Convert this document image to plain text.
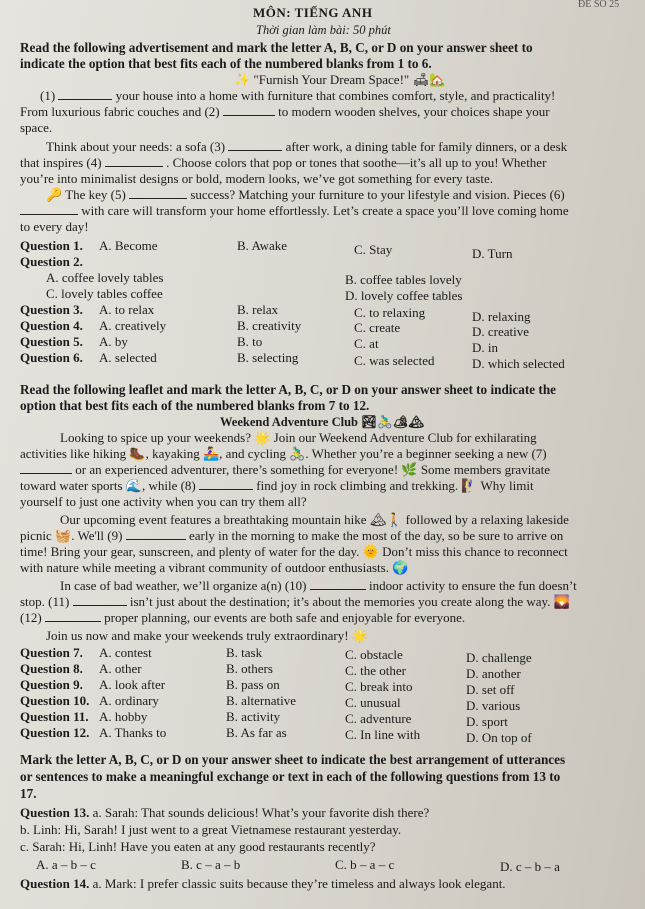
ĐỀ SỐ 25
MÔN: TIẾNG ANH
Thời gian làm bài: 50 phút
Read the following advertisement and mark the letter A, B, C, or D on your answer sheet to
indicate the option that best fits each of the numbered blanks from 1 to 6.
✨ "Furnish Your Dream Space!" 🛋🏡
(1)	your house into a home with furniture that combines comfort, style, and practicality!
From luxurious fabric couches and (2)	to modern wooden shelves, your choices shape your
space.
Think about your needs: a sofa (3)	after work, a dining table for family dinners, or a desk
that inspires (4)	. Choose colors that pop or tones that soothe—it’s all up to you! Whether
you’re into minimalist designs or bold, modern looks, we’ve got something for every taste.
🔑 The key (5)	success? Matching your furniture to your lifestyle and vision. Pieces (6)
with care will transform your home effortlessly. Let’s create a space you’ll love coming home
to every day!
Question 1. A. Become	B. Awake	C. Stay	D. Turn
Question 2.
A. coffee lovely tables	B. coffee tables lovely
C. lovely tables coffee	D. lovely coffee tables
Question 3. A. to relax	B. relax	C. to relaxing	D. relaxing
Question 4. A. creatively	B. creativity	C. create	D. creative
Question 5. A. by	B. to	C. at	D. in
Question 6. A. selected	B. selecting	C. was selected	D. which selected
Read the following leaflet and mark the letter A, B, C, or D on your answer sheet to indicate the
option that best fits each of the numbered blanks from 7 to 12.
Weekend Adventure Club 🏞🚴‍♂️🏕🏔
Looking to spice up your weekends? 🌟 Join our Weekend Adventure Club for exhilarating
activities like hiking 🥾, kayaking 🚣‍♀️, and cycling 🚴‍♂️. Whether you’re a beginner seeking a new (7)
or an experienced adventurer, there’s something for everyone! 🌿 Some members gravitate
toward water sports 🌊, while (8)	find joy in rock climbing and trekking. 🧗‍♀️ Why limit
yourself to just one activity when you can try them all?
Our upcoming event features a breathtaking mountain hike 🏔🚶 followed by a relaxing lakeside
picnic 🧺. We'll (9)	early in the morning to make the most of the day, so be sure to arrive on
time! Bring your gear, sunscreen, and plenty of water for the day. 🌞 Don’t miss this chance to reconnect
with nature while meeting a vibrant community of outdoor enthusiasts. 🌍
In case of bad weather, we’ll organize a(n) (10)	indoor activity to ensure the fun doesn’t
stop. (11)	isn’t just about the destination; it’s about the memories you create along the way. 🌄
(12)	proper planning, our events are both safe and enjoyable for everyone.
Join us now and make your weekends truly extraordinary! 🌟
Question 7. A. contest	B. task	C. obstacle	D. challenge
Question 8. A. other	B. others	C. the other	D. another
Question 9. A. look after	B. pass on	C. break into	D. set off
Question 10. A. ordinary	B. alternative	C. unusual	D. various
Question 11. A. hobby	B. activity	C. adventure	D. sport
Question 12. A. Thanks to	B. As far as	C. In line with	D. On top of
Mark the letter A, B, C, or D on your answer sheet to indicate the best arrangement of utterances
or sentences to make a meaningful exchange or text in each of the following questions from 13 to
17.
Question 13. a. Sarah: That sounds delicious! What’s your favorite dish there?
b. Linh: Hi, Sarah! I just went to a great Vietnamese restaurant yesterday.
c. Sarah: Hi, Linh! Have you eaten at any good restaurants recently?
A. a – b – c	B. c – a – b	C. b – a – c	D. c – b – a
Question 14. a. Mark: I prefer classic suits because they’re timeless and always look elegant.
